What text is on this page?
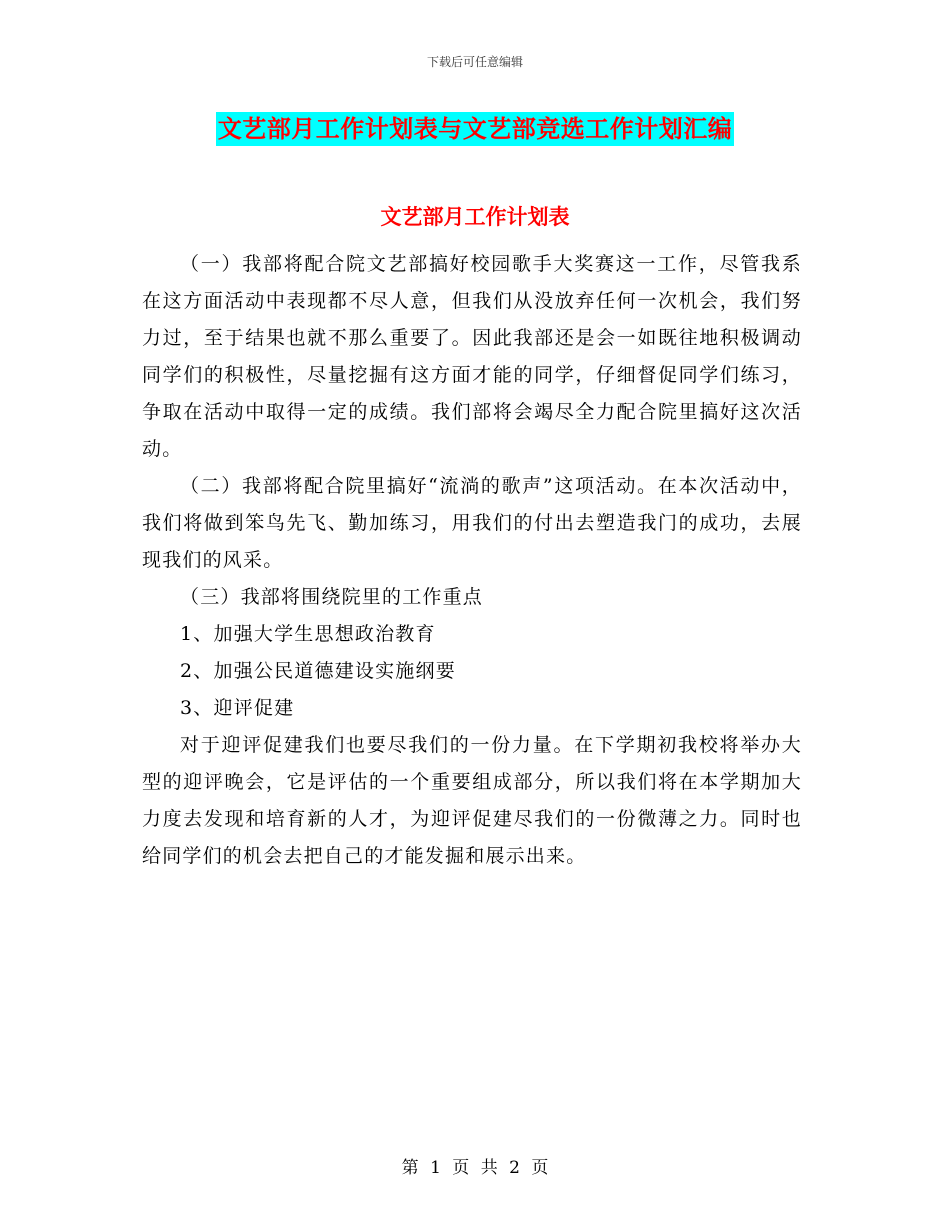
下载后可任意编辑
文艺部月工作计划表与文艺部竞选工作计划汇编
文艺部月工作计划表

（一）我部将配合院文艺部搞好校园歌手大奖赛这一工作，尽管我系在这方面活动中表现都不尽人意，但我们从没放弃任何一次机会，我们努力过，至于结果也就不那么重要了。因此我部还是会一如既往地积极调动同学们的积极性，尽量挖掘有这方面才能的同学，仔细督促同学们练习，争取在活动中取得一定的成绩。我们部将会竭尽全力配合院里搞好这次活动。

（二）我部将配合院里搞好“流淌的歌声”这项活动。在本次活动中，我们将做到笨鸟先飞、勤加练习，用我们的付出去塑造我门的成功，去展现我们的风采。

（三）我部将围绕院里的工作重点

1、加强大学生思想政治教育

2、加强公民道德建设实施纲要

3、迎评促建

对于迎评促建我们也要尽我们的一份力量。在下学期初我校将举办大型的迎评晚会，它是评估的一个重要组成部分，所以我们将在本学期加大力度去发现和培育新的人才，为迎评促建尽我们的一份微薄之力。同时也给同学们的机会去把自己的才能发掘和展示出来。

第 1 页 共 2 页
